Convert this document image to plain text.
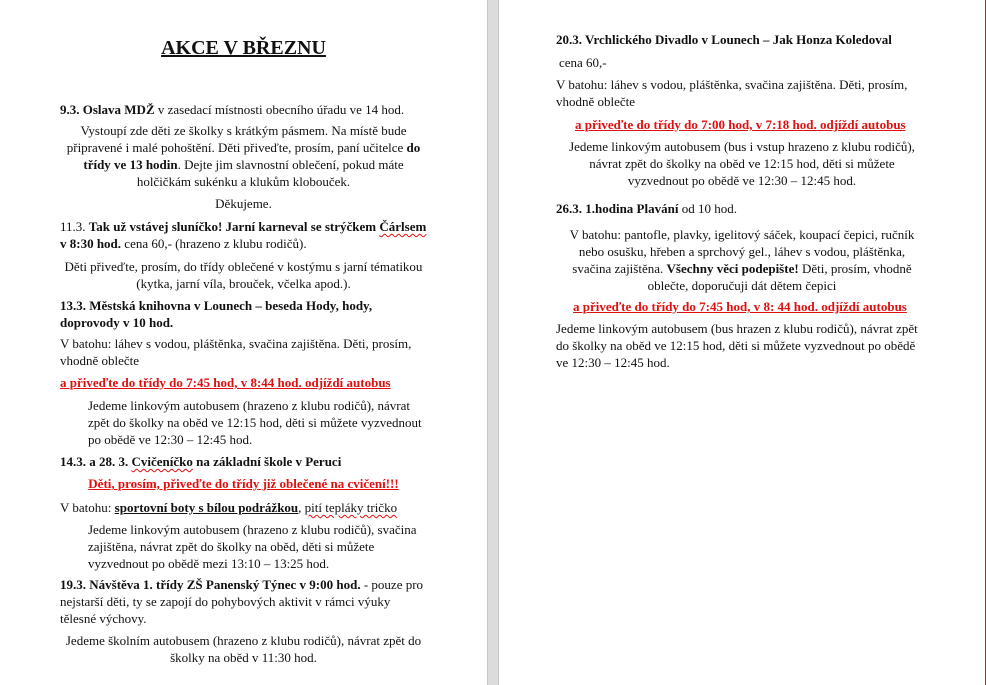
AKCE V BŘEZNU
9.3. Oslava MDŽ v zasedací místnosti obecního úřadu ve 14 hod.
Vystoupí zde děti ze školky s krátkým pásmem. Na místě bude
připravené i malé pohoštění. Děti přiveďte, prosím, paní učitelce do
třídy ve 13 hodin. Dejte jim slavnostní oblečení, pokud máte
holčičkám sukénku a klukům klobouček.
Děkujeme.
11.3. Tak už vstávej sluníčko! Jarní karneval se strýčkem Čárlsem
v 8:30 hod. cena 60,- (hrazeno z klubu rodičů).
Děti přiveďte, prosím, do třídy oblečené v kostýmu s jarní tématikou
(kytka, jarní víla, brouček, včelka apod.).
13.3. Městská knihovna v Lounech – beseda Hody, hody,
doprovody v 10 hod.
V batohu: láhev s vodou, pláštěnka, svačina zajištěna. Děti, prosím,
vhodně oblečte
a přiveďte do třídy do 7:45 hod, v 8:44 hod. odjíždí autobus
Jedeme linkovým autobusem (hrazeno z klubu rodičů), návrat
zpět do školky na oběd ve 12:15 hod, děti si můžete vyzvednout
po obědě ve 12:30 – 12:45 hod.
14.3. a 28. 3. Cvičeníčko na základní škole v Peruci
Děti, prosím, přiveďte do třídy již oblečené na cvičení!!!
V batohu: sportovní boty s bílou podrážkou, pití tepláky tričko
Jedeme linkovým autobusem (hrazeno z klubu rodičů), svačina
zajištěna, návrat zpět do školky na oběd, děti si můžete
vyzvednout po obědě mezi 13:10 – 13:25 hod.
19.3. Návštěva 1. třídy ZŠ Panenský Týnec v 9:00 hod. - pouze pro
nejstarší děti, ty se zapojí do pohybových aktivit v rámci výuky
tělesné výchovy.
Jedeme školním autobusem (hrazeno z klubu rodičů), návrat zpět do
školky na oběd v 11:30 hod.
20.3. Vrchlického Divadlo v Lounech – Jak Honza Koledoval
cena 60,-
V batohu: láhev s vodou, pláštěnka, svačina zajištěna. Děti, prosím,
vhodně oblečte
a přiveďte do třídy do 7:00 hod, v 7:18 hod. odjíždí autobus
Jedeme linkovým autobusem (bus i vstup hrazeno z klubu rodičů),
návrat zpět do školky na oběd ve 12:15 hod, děti si můžete
vyzvednout po obědě ve 12:30 – 12:45 hod.
26.3. 1.hodina Plavání od 10 hod.
V batohu: pantofle, plavky, igelitový sáček, koupací čepici, ručník
nebo osušku, hřeben a sprchový gel., láhev s vodou, pláštěnka,
svačina zajištěna. Všechny věci podepište! Děti, prosím, vhodně
oblečte, doporučuji dát dětem čepici
a přiveďte do třídy do 7:45 hod, v 8: 44 hod. odjíždí autobus
Jedeme linkovým autobusem (bus hrazen z klubu rodičů), návrat zpět
do školky na oběd ve 12:15 hod, děti si můžete vyzvednout po obědě
ve 12:30 – 12:45 hod.
